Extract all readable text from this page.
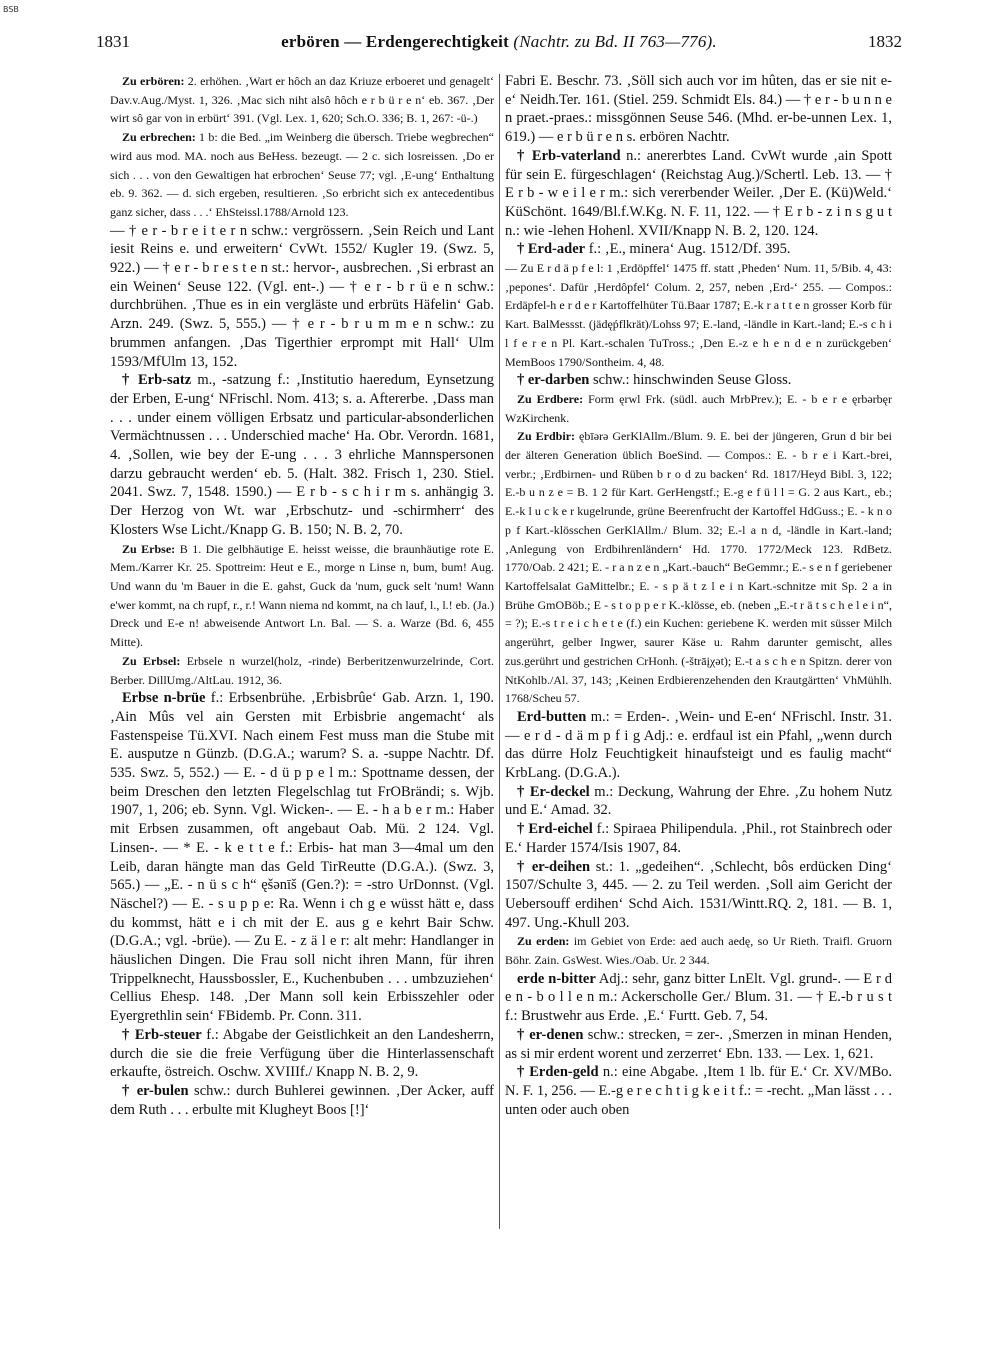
BSB
1831	erbören — Erdengerechtigkeit (Nachtr. zu Bd. II 763—776).	1832

Zu erbören: 2. erhöhen. ‚Wart er hôch an daz Kriuze erboeret und genagelt‘ Dav.v.Aug./Myst. 1, 326. ‚Mac sich niht alsô hôch e r b ü r e n‘ eb. 367. ‚Der wirt sô gar von in erbürt‘ 391. (Vgl. Lex. 1, 620; Sch.O. 336; B. 1, 267: -ü-.)

Zu erbrechen: 1 b: die Bed. „im Weinberg die übersch. Triebe wegbrechen“ wird aus mod. MA. noch aus BeHess. bezeugt. — 2 c. sich losreissen. ‚Do er sich . . . von den Gewaltigen hat erbrochen‘ Seuse 77; vgl. ‚E-ung‘ Enthaltung eb. 9. 362. — d. sich ergeben, resultieren. ‚So erbricht sich ex antecedentibus ganz sicher, dass . . .‘ EhSteissl.1788/Arnold 123.

— † e r - b r e i t e r n schw.: vergrössern. ‚Sein Reich und Lant iesit Reins e. und erweitern‘ CvWt. 1552/ Kugler 19. (Swz. 5, 922.) — † e r - b r e s t e n st.: hervor-, ausbrechen. ‚Si erbrast an ein Weinen‘ Seuse 122. (Vgl. ent-.) — † e r - b r ü e n schw.: durchbrühen. ‚Thue es in ein vergläste und erbrüts Häfelin‘ Gab. Arzn. 249. (Swz. 5, 555.) — † e r - b r u m m e n schw.: zu brummen anfangen. ‚Das Tigerthier erprompt mit Hall‘ Ulm 1593/MfUlm 13, 152.

† Erb-satz m., -satzung f.: ‚Institutio haeredum, Eynsetzung der Erben, E-ung‘ NFrischl. Nom. 413; s. a. Aftererbe. ‚Dass man . . . under einem völligen Erbsatz und particular-absonderlichen Vermächtnussen . . . Underschied mache‘ Ha. Obr. Verordn. 1681, 4. ‚Sollen, wie bey der E-ung . . . 3 ehrliche Mannspersonen darzu gebraucht werden‘ eb. 5. (Halt. 382. Frisch 1, 230. Stiel. 2041. Swz. 7, 1548. 1590.) — E r b - s c h i r m s. anhängig 3. Der Herzog von Wt. war ‚Erbschutz- und -schirmherr‘ des Klosters Wse Licht./Knapp G. B. 150; N. B. 2, 70.

Zu Erbse: B 1. Die gelbhäutige E. heisst weisse, die braunhäutige rote E. Mem./Karrer Kr. 25. Spottreim: Heut e E., morge n Linse n, bum, bum! Aug. Und wann du 'm Bauer in die E. gahst, Guck da 'num, guck selt 'num! Wann e'wer kommt, na ch rupf, r., r.! Wann niema nd kommt, na ch lauf, l., l.! eb. (Ja.) Dreck und E-e n! abweisende Antwort Ln. Bal. — S. a. Warze (Bd. 6, 455 Mitte).

Zu Erbsel: Erbsele n wurzel(holz, -rinde) Berberitzenwurzelrinde, Cort. Berber. DillUmg./AltLau. 1912, 36.

Erbse n-brüe f.: Erbsenbrühe. ‚Erbisbrûe‘ Gab. Arzn. 1, 190. ‚Ain Mûs vel ain Gersten mit Erbisbrie angemacht‘ als Fastenspeise Tü.XVI. Nach einem Fest muss man die Stube mit E. ausputze n Günzb. (D.G.A.; warum? S. a. -suppe Nachtr. Df. 535. Swz. 5, 552.) — E. - d ü p p e l m.: Spottname dessen, der beim Dreschen den letzten Flegelschlag tut FrOBrändi; s. Wjb. 1907, 1, 206; eb. Synn. Vgl. Wicken-. — E. - h a b e r m.: Haber mit Erbsen zusammen, oft angebaut Oab. Mü. 2 124. Vgl. Linsen-. — * E. - k e t t e f.: Erbis- hat man 3—4mal um den Leib, daran hängte man das Geld TirReutte (D.G.A.). (Swz. 3, 565.) — „E. - n ü s c h“ ęšənīš (Gen.?): = -stro UrDonnst. (Vgl. Näschel?) — E. - s u p p e: Ra. Wenn i ch g e wüsst hätt e, dass du kommst, hätt e i ch mit der E. aus g e kehrt Bair Schw. (D.G.A.; vgl. -brüe). — Zu E. - z ä l e r: alt mehr: Handlanger in häuslichen Dingen. Die Frau soll nicht ihren Mann, für ihren Trippelknecht, Haussbossler, E., Kuchenbuben . . . umbzuziehen‘ Cellius Ehesp. 148. ‚Der Mann soll kein Erbisszehler oder Eyergrethlin sein‘ FBidemb. Pr. Conn. 311.

† Erb-steuer f.: Abgabe der Geistlichkeit an den Landesherrn, durch die sie die freie Verfügung über die Hinterlassenschaft erkaufte, östreich. Oschw. XVIIIf./ Knapp N. B. 2, 9.

† er-bulen schw.: durch Buhlerei gewinnen. ‚Der Acker, auff dem Ruth . . . erbulte mit Klugheyt Boos [!]‘

Fabri E. Beschr. 73. ‚Söll sich auch vor im hûten, das er sie nit e-e‘ Neidh.Ter. 161. (Stiel. 259. Schmidt Els. 84.) — † e r - b u n n e n praet.-praes.: missgönnen Seuse 546. (Mhd. er-be-unnen Lex. 1, 619.) — e r b ü r e n s. erbören Nachtr.

† Erb-vaterland n.: anererbtes Land. CvWt wurde ‚ain Spott für sein E. fürgeschlagen‘ (Reichstag Aug.)/Schertl. Leb. 13. — † E r b - w e i l e r m.: sich vererbender Weiler. ‚Der E. (Kü)Weld.‘ KüSchönt. 1649/Bl.f.W.Kg. N. F. 11, 122. — † E r b - z i n s g u t n.: wie -lehen Hohenl. XVII/Knapp N. B. 2, 120. 124.

† Erd-ader f.: ‚E., minera‘ Aug. 1512/Df. 395.

— Zu E r d ä p f e l: 1 ‚Erdöpffel‘ 1475 ff. statt ‚Pheden‘ Num. 11, 5/Bib. 4, 43: ‚pepones‘. Dafür ‚Herdôpfel‘ Colum. 2, 257, neben ‚Erd-‘ 255. — Compos.: Erdäpfel-h e r d e r Kartoffelhüter Tü.Baar 1787; E.-k r a t t e n grosser Korb für Kart. BalMessst. (jädęṕflkrät)/Lohss 97; E.-land, -ländle in Kart.-land; E.-s c h i l f e r e n Pl. Kart.-schalen TuTross.; ‚Den E.-z e h e n d e n zurückgeben‘ MemBoos 1790/Sontheim. 4, 48.

† er-darben schw.: hinschwinden Seuse Gloss.

Zu Erdbere: Form ęrwl Frk. (südl. auch MrbPrev.); E. - b e r e ęrbərbęr WzKirchenk.

Zu Erdbir: ębīərə GerKlAllm./Blum. 9. E. bei der jüngeren, Grun d bir bei der älteren Generation üblich BoeSind. — Compos.: E. - b r e i Kart.-brei, verbr.; ‚Erdbirnen- und Rüben b r o d zu backen‘ Rd. 1817/Heyd Bibl. 3, 122; E.-b u n z e = B. 1 2 für Kart. GerHengstf.; E.-g e f ü l l = G. 2 aus Kart., eb.; E.-k l u c k e r kugelrunde, grüne Beerenfrucht der Kartoffel HdGuss.; E. - k n o p f Kart.-klösschen GerKlAllm./ Blum. 32; E.-l a n d, -ländle in Kart.-land; ‚Anlegung von Erdbihrenländern‘ Hd. 1770. 1772/Meck 123. RdBetz. 1770/Oab. 2 421; E. - r a n z e n „Kart.-bauch“ BeGemmr.; E.- s e n f geriebener Kartoffelsalat GaMittelbr.; E. - s p ä t z l e i n Kart.-schnitze mit Sp. 2 a in Brühe GmOBöb.; E - s t o p p e r K.-klösse, eb. (neben „E.-t r ä t s c h e l e i n“, = ?); E.-s t r e i c h e t e (f.) ein Kuchen: geriebene K. werden mit süsser Milch angerührt, gelber Ingwer, saurer Käse u. Rahm darunter gemischt, alles zus.gerührt und gestrichen CrHonh. (-štrāįχət); E.-t a s c h e n Spitzn. derer von NtKohlb./Al. 37, 143; ‚Keinen Erdbierenzehenden den Krautgärtten‘ VhMühlh. 1768/Scheu 57.

Erd-butten m.: = Erden-. ‚Wein- und E-en‘ NFrischl. Instr. 31. — e r d - d ä m p f i g Adj.: e. erdfaul ist ein Pfahl, „wenn durch das dürre Holz Feuchtigkeit hinaufsteigt und es faulig macht“ KrbLang. (D.G.A.).

† Er-deckel m.: Deckung, Wahrung der Ehre. ‚Zu hohem Nutz und E.‘ Amad. 32.

† Erd-eichel f.: Spiraea Philipendula. ‚Phil., rot Stainbrech oder E.‘ Harder 1574/Isis 1907, 84.

† er-deihen st.: 1. „gedeihen“. ‚Schlecht, bôs erdücken Ding‘ 1507/Schulte 3, 445. — 2. zu Teil werden. ‚Soll aim Gericht der Uebersouff erdihen‘ Schd Aich. 1531/Wintt.RQ. 2, 181. — B. 1, 497. Ung.-Khull 203.

Zu erden: im Gebiet von Erde: aed auch aedę, so Ur Rieth. Traifl. Gruorn Böhr. Zain. GsWest. Wies./Oab. Ur. 2 344.

erde n-bitter Adj.: sehr, ganz bitter LnElt. Vgl. grund-. — E r d e n - b o l l e n m.: Ackerscholle Ger./ Blum. 31. — † E.-b r u s t f.: Brustwehr aus Erde. ‚E.‘ Furtt. Geb. 7, 54.

† er-denen schw.: strecken, = zer-. ‚Smerzen in minan Henden, as si mir erdent worent und zerzerret‘ Ebn. 133. — Lex. 1, 621.

† Erden-geld n.: eine Abgabe. ‚Item 1 lb. für E.‘ Cr. XV/MBo. N. F. 1, 256. — E.-g e r e c h t i g k e i t f.: = -recht. „Man lässt . . . unten oder auch oben
